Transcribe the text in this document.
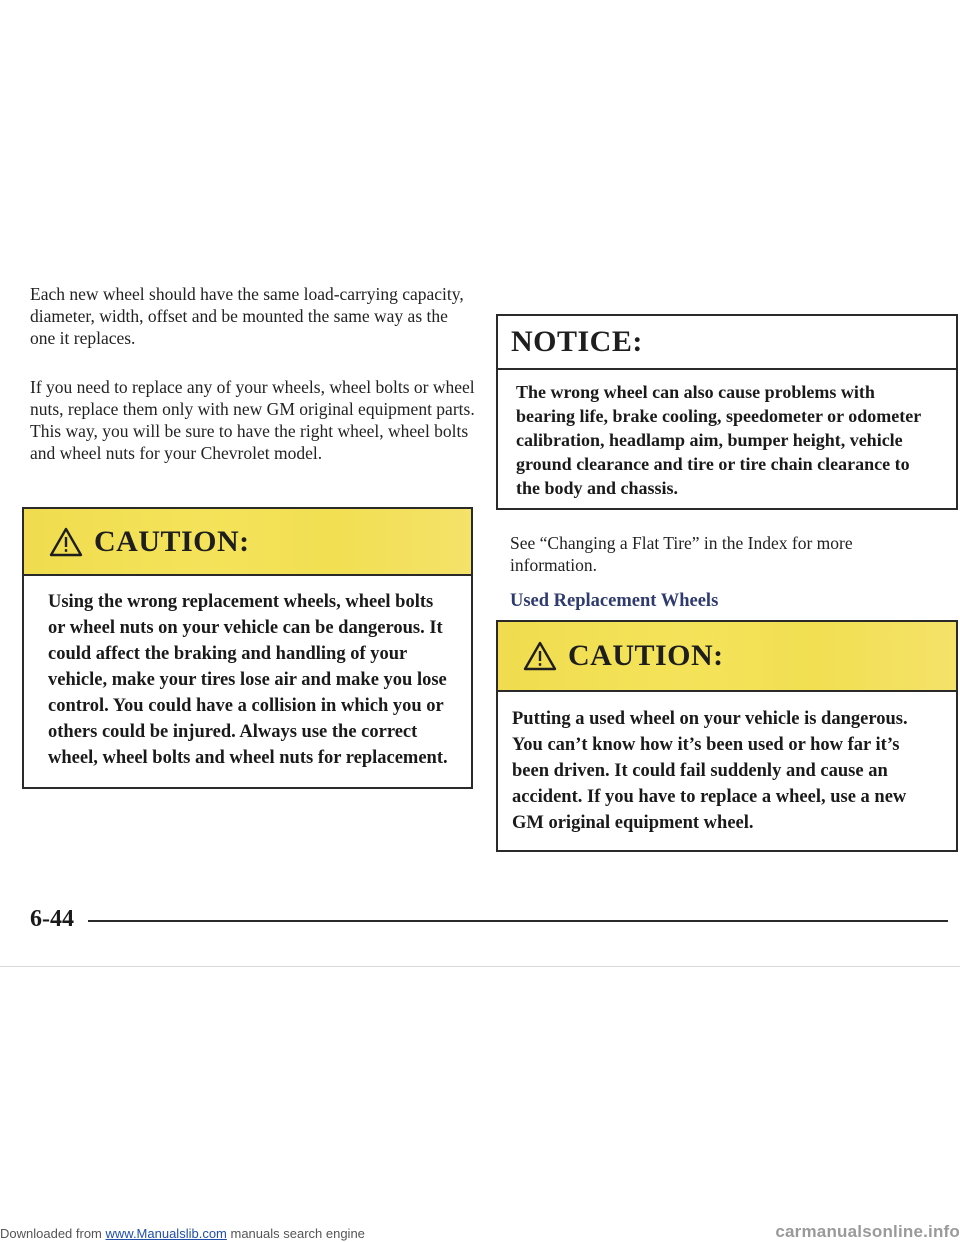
Each new wheel should have the same load-carrying capacity, diameter, width, offset and be mounted the same way as the one it replaces.

If you need to replace any of your wheels, wheel bolts or wheel nuts, replace them only with new GM original equipment parts. This way, you will be sure to have the right wheel, wheel bolts and wheel nuts for your Chevrolet model.

CAUTION:
Using the wrong replacement wheels, wheel bolts or wheel nuts on your vehicle can be dangerous. It could affect the braking and handling of your vehicle, make your tires lose air and make you lose control. You could have a collision in which you or others could be injured. Always use the correct wheel, wheel bolts and wheel nuts for replacement.
NOTICE:
The wrong wheel can also cause problems with bearing life, brake cooling, speedometer or odometer calibration, headlamp aim, bumper height, vehicle ground clearance and tire or tire chain clearance to the body and chassis.

See “Changing a Flat Tire” in the Index for more information.

Used Replacement Wheels

CAUTION:
Putting a used wheel on your vehicle is dangerous. You can’t know how it’s been used or how far it’s been driven. It could fail suddenly and cause an accident. If you have to replace a wheel, use a new GM original equipment wheel.

6-44

Downloaded from www.Manualslib.com manuals search engine	carmanualsonline.info
